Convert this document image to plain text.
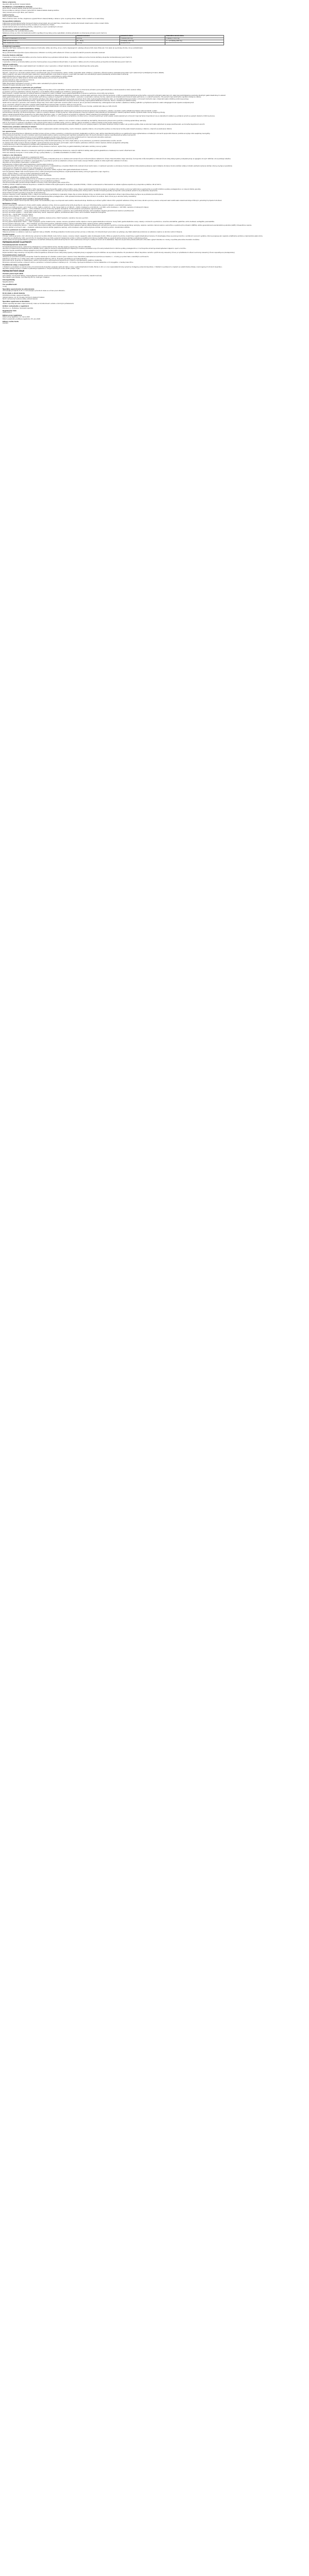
Názov prípravku
Ibuprofen 400 mg filmom obalené tablety
Kvalitatívne a kvantitatívne zloženie
Jedna filmom obalená tableta obsahuje 400 mg ibuprofenu.
Pomocná látka so známym účinkom: jedna filmom obalená tableta obsahuje laktózu.
Úplný zoznam pomocných látok, pozri časť 6.1.
Lieková forma
Filmom obalená tableta.
Biele až takmer biele, okrúhle, obojstranne vypuklé filmom obalené tablety s deliacou ryhou na jednej strane. Tabletu možno rozdeliť na rovnaké dávky.
Terapeutické indikácie
Krátkodobá symptomatická liečba miernej až stredne silnej bolesti, ako je bolesť hlavy, bolesť zubov, menštruačná bolesť, bolesť svalov a kĺbov, bolesť chrbta.
Krátkodobá symptomatická liečba horúčky a bolesti pri nachladnutí a chrípke.
Symptomatická liečba reumatoidnej artritídy, osteoartrózy a iných reumatických ochorení.
Dávkovanie a spôsob podávania
Na ústne použitie. Len na krátkodobé použitie.
Nežiaduce účinky sa môžu minimalizovať použitím najnižšej účinnej dávky počas najkratšieho obdobia potrebného na zmiernenie príznakov (pozri časť 4.4).
Vek	Telesná hmotnosť	Jednotlivá dávka	Maximálna denná dávka
Dospelí a dospievajúci od 12 rokov	≥ 40 kg	1 tableta (400 mg)	3 tablety (1 200 mg)
Deti od 6 do 12 rokov	20 – 39 kg	1/2 tablety (200 mg)	3 × 1/2 tablety (600 mg)
Deti mladšie ako 6 rokov	< 20 kg	neodporúča sa	—
Pediatrická populácia
Ibuprofen 400 mg sa neodporúča deťom s telesnou hmotnosťou nižšou ako 20 kg. Ak sa u detí a dospievajúcich vyžaduje užívanie tohto lieku dlhšie ako 3 dni alebo ak sa príznaky zhoršia, má sa vyhľadať lekár.
Starší pacienti
Nie je potrebná žiadna špeciálna úprava dávkovania. Vzhľadom na možný profil nežiaducich účinkov sa odporúča starších pacientov starostlivo sledovať.
Porucha funkcie obličiek
U pacientov s miernou až stredne ťažkou poruchou funkcie obličiek nie je potrebné znižovať dávku. U pacientov s ťažkou poruchou funkcie obličiek je ibuprofen kontraindikovaný (pozri časť 4.3).
Porucha funkcie pečene
U pacientov s miernou až stredne ťažkou poruchou funkcie pečene nie je potrebné znižovať dávku. U pacientov s ťažkou poruchou funkcie pečene je ibuprofen kontraindikovaný (pozri časť 4.3).
Spôsob podávania
Tablety sa majú prehĺtať celé a zapiť dostatočným množstvom vody. U pacientov s citlivým žalúdkom sa odporúča užívať ibuprofen počas jedla.
Kontraindikácie
Precitlivenosť na liečivo alebo na ktorúkoľvek z pomocných látok uvedených v časti 6.1.
Pacienti, u ktorých sa v minulosti vyskytli reakcie z precitlivenosti (napr. bronchospazmus, astma, rinitída, angioedém alebo urtikária) v súvislosti s užívaním kyseliny acetylsalicylovej alebo iných nesteroidných protizápalových liekov (NSAID).
Aktívny peptický vred alebo krvácanie alebo opakovaný výskyt peptického vredu alebo krvácania v anamnéze (dve alebo viac samostatných epizód preukázanej ulcerácie alebo krvácania).
Gastrointestinálne krvácanie alebo perforácia v anamnéze v súvislosti s predchádzajúcou liečbou NSAID.
Ťažké zlyhanie pečene, ťažké zlyhanie obličiek alebo ťažké zlyhanie srdca (trieda IV podľa NYHA).
Cerebrovaskulárne alebo iné aktívne krvácanie.
Poruchy krvotvorby nejasného pôvodu.
Ťažká dehydratácia (spôsobená vracaním, hnačkou alebo nedostatočným príjmom tekutín).
Posledný trimester gravidity (pozri časť 4.6).
Osobitné upozornenia a opatrenia pri používaní
Nežiaduce účinky sa môžu minimalizovať použitím najnižšej účinnej dávky počas najkratšieho obdobia potrebného na zmiernenie príznakov (pozri gastrointestinálne a kardiovaskulárne riziká uvedené nižšie).
Je potrebné vyhnúť sa súbežnému užívaniu ibuprofenu s inými NSAID vrátane selektívnych inhibítorov cyklooxygenázy-2.
Starší pacienti: u starších pacientov je zvýšená frekvencia nežiaducich reakcií na NSAID, hlavne gastrointestinálneho krvácania a perforácie, ktoré môžu byť smrteľné.
Gastrointestinálne krvácanie, ulcerácia a perforácia: pri všetkých NSAID bolo hlásené gastrointestinálne krvácanie, ulcerácia alebo perforácia, ktoré môžu byť smrteľné, a môžu sa vyskytnúť kedykoľvek počas liečby s varovnými príznakmi alebo bez nich, alebo bez predchádzajúcej anamnézy závažných gastrointestinálnych udalostí.
Riziko gastrointestinálneho krvácania, ulcerácie alebo perforácie je vyššie pri zvyšujúcich sa dávkach NSAID, u pacientov s anamnézou vredovej choroby, najmä ak bola komplikovaná krvácaním alebo perforáciou, a u starších pacientov. Títo pacienti majú začať liečbu najnižšou dostupnou dávkou.
U týchto pacientov, ako aj u pacientov, ktorí súbežne potrebujú nízke dávky kyseliny acetylsalicylovej alebo iné liečivá, ktoré môžu zvyšovať gastrointestinálne riziko, sa má zvážiť kombinovaná liečba s ochrannými liečivami (napr. mizoprostol alebo inhibítory protónovej pumpy).
Pacienti s anamnézou gastrointestinálnej toxicity, najmä starší pacienti, majú hlásiť akékoľvek nezvyčajné brušné príznaky (najmä gastrointestinálne krvácanie), hlavne v začiatočných štádiách liečby.
Opatrnosť sa odporúča u pacientov, ktorí súbežne užívajú lieky, ktoré môžu zvýšiť riziko ulcerácie alebo krvácania, ako sú perorálne kortikosteroidy, antikoagulanciá ako warfarín, selektívne inhibítory spätného vychytávania serotonínu alebo antiagreganciá ako kyselina acetylsalicylová.
Ak sa u pacientov užívajúcich ibuprofen vyskytne gastrointestinálne krvácanie alebo ulcerácia, liečba sa musí ukončiť.
NSAID sa majú podávať s opatrnosťou pacientom s anamnézou gastrointestinálneho ochorenia (ulcerózna kolitída, Crohnova choroba), pretože tieto stavy sa môžu zhoršiť.
Kardiovaskulárne a cerebrovaskulárne účinky
U pacientov s anamnézou hypertenzie a/alebo mierneho až stredne ťažkého kongestívneho zlyhania srdca je potrebné primerané sledovanie a poradenstvo, pretože v súvislosti s liečbou NSAID bola hlásená retencia tekutín a edém.
Klinické štúdie naznačujú, že užívanie ibuprofenu, najmä vo vysokých dávkach (2 400 mg denne), môže byť spojené s miernym zvýšením rizika arteriálnych trombotických udalostí (napríklad infarktu myokardu alebo cievnej mozgovej príhody).
Celkovo epidemiologické štúdie nenaznačujú, že nízke dávky ibuprofenu (napr. ≤ 1 200 mg denne) sú spojené so zvýšeným rizikom arteriálnych trombotických udalostí.
Pacienti s nekontrolovanou hypertenziou, kongestívnym zlyhaním srdca (NYHA II – III), potvrdenou ischemickou chorobou srdca, ochorením periférnych artérií a/alebo cerebrovaskulárnym ochorením majú byť liečení ibuprofenom len po starostlivom zvážení a je potrebné vyhnúť sa vysokým dávkam (2 400 mg denne).
Závažné kožné reakcie
V súvislosti s užívaním NSAID boli veľmi zriedkavo hlásené závažné kožné reakcie, niektoré z nich smrteľné, vrátane exfoliatívnej dermatitídy, Stevensovho-Johnsonovho syndrómu a toxickej epidermálnej nekrolýzy.
Zdá sa, že pacienti sú vystavení najvyššiemu riziku výskytu týchto reakcií na začiatku liečby, pričom k nástupu reakcie dochádza vo väčšine prípadov počas prvého mesiaca liečby.
V súvislosti s liekmi obsahujúcimi ibuprofen bola hlásená akútna generalizovaná exantematózna pustulóza (AGEP). Pri prvom výskyte prejavov a príznakov závažných kožných reakcií, ako je kožná vyrážka, lézie na slizniciach alebo akýkoľvek iný prejav precitlivenosti, sa má liečba ibuprofenom ukončiť.
Maskovanie príznakov základných infekcií
Ibuprofen môže maskovať príznaky infekcie, čo môže viesť k oneskorenému začatiu vhodnej liečby, a tým k zhoršeniu výsledku infekcie. Ak sa ibuprofen podáva na zmiernenie horúčky alebo bolesti súvisiacej s infekciou, odporúča sa sledovanie infekcie.
Iné upozornenia
Ibuprofen sa má používať iba po dôkladnom posúdení pomeru prínosu a rizika u pacientov s vrodenými poruchami metabolizmu porfyrínu (napr. akútna intermitentná porfýria) a so systémovým lupus erythematosus a zmiešaným ochorením spojivového tkaniva, pretože sa zvyšuje riziko aseptickej meningitídy.
Počas podávania ibuprofenu sa veľmi zriedkavo pozorovali závažné akútne reakcie z precitlivenosti (napríklad anafylaktický šok). Pri prvých príznakoch reakcie z precitlivenosti sa liečba musí ukončiť.
Ibuprofen môže dočasne inhibovať funkciu krvných doštičiek (agregáciu trombocytov). Pacienti s poruchami zrážanlivosti krvi majú byť preto starostlivo sledovaní.
Pri dlhodobej liečbe ibuprofenom je potrebné pravidelne kontrolovať pečeňové a obličkové funkcie a krvný obraz.
Dlhodobé užívanie akéhokoľvek typu liekov proti bolesti hlavy môže zhoršiť bolesti hlavy. Ak k tomu dôjde alebo je na to podozrenie, je potrebné vyhľadať lekára a liečbu ukončiť.
Vo všeobecnosti môže zvyčajné užívanie analgetík, najmä kombinácie viacerých liečiv proti bolesti, viesť k trvalému poškodeniu obličiek s rizikom zlyhania obličiek (analgetická nefropatia).
U dehydratovaných detí a dospievajúcich existuje riziko poškodenia funkcie obličiek.
Súbežná konzumácia alkoholu môže zvýšiť nežiaduce účinky súvisiace s liečivom, najmä účinky na gastrointestinálny trakt alebo centrálny nervový systém.
Pomocné látky
Tento liek obsahuje laktózu. Pacienti so zriedkavými dedičnými problémami galaktózovej intolerancie, celkovým deficitom laktázy alebo glukózo-galaktózovou malabsorpciou nesmú užívať tento liek.
Tento liek obsahuje menej ako 1 mmol sodíka (23 mg) v jednej tablete, t.j. v podstate zanedbateľné množstvo sodíka.
Liekové a iné interakcie
Ibuprofen sa nemá užívať v kombinácii s nasledujúcimi liekmi:
Kyselina acetylsalicylová: súbežné podávanie ibuprofenu a kyseliny acetylsalicylovej sa vo všeobecnosti neodporúča pre možnosť zvýšenia nežiaducich účinkov. Experimentálne údaje naznačujú, že ibuprofen môže kompetitívne inhibovať účinok nízkej dávky kyseliny acetylsalicylovej na agregáciu krvných doštičiek, ak sa podávajú súbežne.
Iné NSAID vrátane selektívnych inhibítorov cyklooxygenázy-2: je potrebné vyhnúť sa súbežnému užívaniu dvoch alebo viacerých NSAID, pretože to môže zvýšiť riziko nežiaducich účinkov.
Ibuprofen sa má používať s opatrnosťou v kombinácii s:
Kortikosteroidy: zvýšené riziko gastrointestinálnej ulcerácie alebo krvácania.
Antihypertenzíva (ACE inhibítory, antagonisty receptora angiotenzínu II, betablokátory) a diuretiká: NSAID môžu znižovať účinok týchto liekov. U niektorých pacientov so zhoršenou funkciou obličiek môže súbežné podávanie viesť k ďalšiemu zhoršeniu funkcie obličiek vrátane možného akútneho zlyhania obličiek, ktoré je zvyčajne reverzibilné.
Antikoagulanciá: NSAID môžu zosilniť účinky antikoagulancií, ako je warfarín.
Antiagreganciá a selektívne inhibítory spätného vychytávania serotonínu (SSRI): zvýšené riziko gastrointestinálneho krvácania.
Srdcové glykozidy: NSAID môžu zhoršiť zlyhanie srdca, znížiť rýchlosť glomerulárnej filtrácie a zvýšiť plazmatické hladiny srdcových glykozidov (napr. digoxínu).
Lítium: existujú dôkazy o možnom zvýšení plazmatických hladín lítia.
Metotrexát: existuje možnosť zvýšenia plazmatických hladín metotrexátu.
Cyklosporín a takrolimus: zvýšené riziko nefrotoxicity.
Zidovudín: zvýšené riziko hematologickej toxicity pri súbežnom podávaní zidovudínu a NSAID.
Sulfonylmočoviny: odporúča sa kontrola hladín glukózy v krvi pri súbežnom podávaní.
Chinolónové antibiotiká: pacienti užívajúci NSAID a chinolóny môžu mať zvýšené riziko vzniku kŕčov.
Inhibítory CYP2C9: súbežné podávanie ibuprofenu s inhibítormi CYP2C9 môže zvýšiť expozíciu ibuprofenu (substrát CYP2C9). V štúdii s vorikonazolom a flukonazolom sa ukázalo zvýšenie expozície S(+)-ibuprofenu približne o 80 až 100 %.
Fertilita, gravidita a laktácia
Gravidita: inhibícia syntézy prostaglandínov môže nepriaznivo ovplyvniť graviditu a/alebo embryo-fetálny vývoj. Údaje z epidemiologických štúdií poukazujú na zvýšené riziko potratu a srdcovej malformácie a gastroschízy po použití inhibítora syntézy prostaglandínov vo včasnom štádiu gravidity.
Od 20. týždňa gravidity môže užívanie ibuprofenu spôsobiť oligohydramnión v dôsledku poruchy funkcie obličiek plodu. Počas prvého a druhého trimestra gravidity sa ibuprofen nemá podávať, pokiaľ to nie je absolútne nevyhnutné.
Počas tretieho trimestra gravidity je ibuprofen kontraindikovaný.
Dojčenie: ibuprofen a jeho metabolity môžu v nízkych koncentráciách prechádzať do materského mlieka. Nie sú známe škodlivé účinky na dojčatá, preto pri krátkodobom užívaní odporúčanej dávky zvyčajne nie je potrebné prerušiť dojčenie.
Fertilita: existujú dôkazy, že liečivá, ktoré inhibujú cyklooxygenázu/syntézu prostaglandínov, môžu spôsobiť zhoršenie fertility žien účinkom na ovuláciu. Tento účinok je po ukončení liečby reverzibilný.
Ovplyvnenie schopnosti viesť vozidlá a obsluhovať stroje
Pri krátkodobom užívaní nemá ibuprofen žiadny alebo má zanedbateľný vplyv na schopnosť viesť vozidlá a obsluhovať stroje. Pretože sa pri užívaní vyšších dávok môžu vyskytnúť nežiaduce účinky ako únava, závrat a poruchy videnia, schopnosť viesť vozidlá alebo obsluhovať stroje môže byť v jednotlivých prípadoch zhoršená.
Nežiaduce účinky
Zoznam nasledujúcich nežiaducich účinkov zahŕňa všetky nežiaduce účinky, ktoré sa vyskytli počas liečby ibuprofenom, ako aj pri dlhodobej liečbe vysokými dávkami u reumatických pacientov.
Frekvencie sú definované ako: veľmi časté (≥ 1/10); časté (≥ 1/100 až < 1/10); menej časté (≥ 1/1 000 až < 1/100); zriedkavé (≥ 1/10 000 až < 1/1 000); veľmi zriedkavé (< 1/10 000); neznáme (z dostupných údajov).
Poruchy krvi a lymfatického systému — veľmi zriedkavé: poruchy krvotvorby (anémia, leukopénia, trombocytopénia, pancytopénia, agranulocytóza).
Poruchy imunitného systému — menej časté: reakcie z precitlivenosti s kožnou vyrážkou a svrbením, ako aj astmatické záchvaty; veľmi zriedkavé: závažné generalizované reakcie z precitlivenosti.
Poruchy nervového systému — menej časté: bolesť hlavy, závrat, nespavosť, agitácia, podráždenosť alebo únava; veľmi zriedkavé: aseptická meningitída.
Poruchy oka — menej časté: poruchy videnia.
Poruchy ucha a labyrintu — zriedkavé: tinitus.
Poruchy srdca a srdcovej činnosti — veľmi zriedkavé: palpitácie, zlyhanie srdca, infarkt myokardu; neznáme: Kounisov syndróm.
Poruchy ciev — veľmi zriedkavé: arteriálna hypertenzia.
Poruchy gastrointestinálneho traktu — časté: dyspepsia, pyróza, bolesť brucha, nauzea, vracanie, plynatosť, hnačka, zápcha a mierne gastrointestinálne krvácanie; menej časté: gastrointestinálne vredy, niekedy s krvácaním a perforáciou, ulcerózna stomatitída, gastritída; veľmi zriedkavé: ezofagitída, pankreatitída.
Poruchy pečene a žlčových ciest — veľmi zriedkavé: porucha funkcie pečene, poškodenie pečene, najmä pri dlhodobej liečbe, zlyhanie pečene, akútna hepatitída.
Poruchy kože a podkožného tkaniva — menej časté: rôzne kožné vyrážky; veľmi zriedkavé: závažné kožné nežiaduce reakcie vrátane Stevensovho-Johnsonovho syndrómu a toxickej epidermálnej nekrolýzy, alopécia; neznáme: lieková reakcia s eozinofíliou a systémovými príznakmi (DRESS), akútna generalizovaná exantematózna pustulóza (AGEP), fotosenzitívne reakcie.
Poruchy obličiek a močových ciest — zriedkavé: poškodenie tkaniva obličiek (papilárna nekróza); veľmi zriedkavé: edém, akútne zlyhanie obličiek, nefrotický syndróm, intersticiálna nefritída.
Hlásenie podozrení na nežiaduce reakcie
Hlásenie podozrení na nežiaduce reakcie po registrácii lieku je dôležité. Umožňuje priebežné monitorovanie pomeru prínosu a rizika lieku. Od zdravotníckych pracovníkov sa vyžaduje, aby hlásili akékoľvek podozrenia na nežiaduce reakcie na národné centrum hlásenia.
Predávkovanie
Príznaky: väčšina pacientov, ktorí užili klinicky významné množstvo NSAID, bude mať len nauzeu, vracanie, bolesť v epigastriu alebo zriedkavejšie hnačku. Môže sa vyskytnúť aj tinitus, bolesť hlavy a gastrointestinálne krvácanie. Pri závažnejšej otrave sa pozoruje toxicita v centrálnom nervovom systéme, ktorá sa prejavuje ako ospalosť, príležitostne excitácia a dezorientácia alebo kóma.
U pacientov sa príležitostne môžu vyvinúť kŕče. Pri závažnej otrave sa môže vyskytnúť metabolická acidóza a môže sa predĺžiť protrombínový čas/INR. Môže sa vyskytnúť akútne zlyhanie obličiek a poškodenie pečene.
Liečba: liečba má byť symptomatická a podporná a má zahŕňať udržiavanie priechodnosti dýchacích ciest a sledovanie srdcových a vitálnych funkcií až do stabilizácie. Odporúča sa perorálne podanie aktívneho uhlia alebo výplach žalúdka do 1 hodiny od požitia potenciálne toxického množstva.
FARMAKOLOGICKÉ VLASTNOSTI
Farmakodynamické vlastnosti
Farmakoterapeutická skupina: nesteroidné protizápalové a antireumatické liečivá, deriváty kyseliny propiónovej. ATC kód: M01AE01.
Ibuprofen je nesteroidné protizápalové liečivo (NSAID), ktoré v bežných zvieracích experimentálnych zápalových modeloch preukázalo svoju účinnosť prostredníctvom inhibície syntézy prostaglandínov. U ľudí ibuprofen zmierňuje bolesť spôsobenú zápalom, opuch a horúčku.
Ibuprofen navyše reverzibilne inhibuje agregáciu krvných doštičiek vyvolanú ADP a kolagénom.
Experimentálne údaje naznačujú, že ibuprofen môže kompetitívne inhibovať účinok nízkej dávky kyseliny acetylsalicylovej na agregáciu krvných doštičiek, ak sa podávajú súbežne. Pri pravidelnom užívaní ibuprofenu nemožno vylúčiť klinicky relevantný účinok; pri príležitostnom užívaní sa klinicky relevantný účinok nepovažuje za pravdepodobný.
Farmakokinetické vlastnosti
Absorpcia: po perorálnom podaní sa ibuprofen čiastočne absorbuje už v žalúdku a potom úplne v tenkom čreve. Maximálne plazmatické koncentrácie sa dosiahnu 1 – 2 hodiny po podaní lieku s okamžitým uvoľňovaním.
Distribúcia: ibuprofen sa vo veľkej miere viaže na plazmatické bielkoviny (99 %). Ibuprofen prechádza do synoviálnej tekutiny.
Biotransformácia: ibuprofen sa metabolizuje v pečeni (hydroxylácia, karboxylácia) prostredníctvom CYP2C9 na farmakologicky neaktívne metabolity.
Eliminácia: eliminačný polčas u zdravých osôb a u pacientov s ochorením pečene a obličiek je 1,8 – 3,5 hodiny. Vylučuje sa obličkami vo forme metabolitov a ich konjugátov, v menšej miere žlčou.
Predklinické údaje o bezpečnosti
V štúdiách na zvieratách sa subchronická a chronická toxicita ibuprofenu prejavila najmä ako lézie a vredy v gastrointestinálnom trakte. Štúdie in vitro a in vivo nepreukázali klinicky významný mutagénny potenciál ibuprofenu. V štúdiách na potkanoch a myšiach sa nezistili žiadne dôkazy o karcinogénnych účinkoch ibuprofenu.
Ibuprofen inhibuje ovuláciu u králikov a poškodzuje implantáciu u rôznych živočíšnych druhov (králik, potkan, myš).
FARMACEUTICKÉ ÚDAJE
Zoznam pomocných látok
Jadro tablety: monohydrát laktózy, mikrokryštalická celulóza, sodná soľ kroskarmelózy, povidón, koloidný bezvodý oxid kremičitý, stearát horečnatý.
Obal tablety: hypromelóza, oxid titaničitý (E171), makrogol, mastenec.
Inkompatibility
Neaplikovateľné.
Čas použiteľnosti
3 roky.
Špeciálne upozornenia na uchovávanie
Uchovávajte pri teplote do 25 °C. Uchovávajte v pôvodnom obale na ochranu pred vlhkosťou.
Druh obalu a obsah balenia
PVC/PVDC/Al blister, papierová škatuľka.
Veľkosti balenia: 10, 20, 30 alebo 50 filmom obalených tabliet.
Na trh nemusia byť uvedené všetky veľkosti balenia.
Špeciálne opatrenia na likvidáciu
Všetok nepoužitý liek alebo odpad vzniknutý z lieku sa má zlikvidovať v súlade s národnými požiadavkami.
Držiteľ rozhodnutia o registrácii
Pharma s.r.o., Bratislava, Slovenská republika
Registračné číslo
29/0123/15-S
Dátum prvej registrácie
Dátum prvej registrácie: 12. marca 2015
Dátum posledného predĺženia registrácie: 05. júna 2020
Dátum revízie textu
10/2023
